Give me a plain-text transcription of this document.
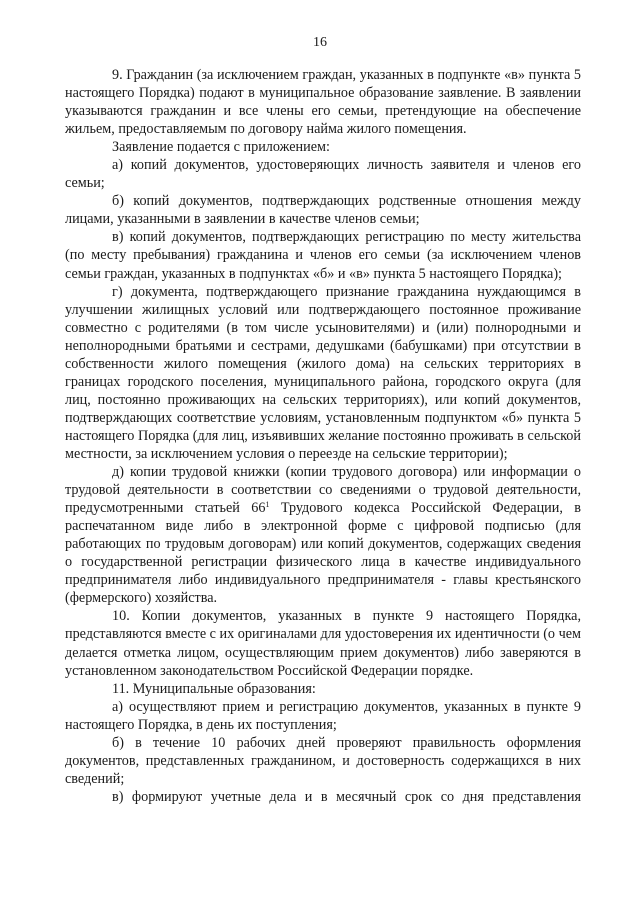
16

9. Гражданин (за исключением граждан, указанных в подпункте «в» пункта 5 настоящего Порядка) подают в муниципальное образование заявление. В заявлении указываются гражданин и все члены его семьи, претендующие на обеспечение жильем, предоставляемым по договору найма жилого помещения.

Заявление подается с приложением:

а) копий документов, удостоверяющих личность заявителя и членов его семьи;

б) копий документов, подтверждающих родственные отношения между лицами, указанными в заявлении в качестве членов семьи;

в) копий документов, подтверждающих регистрацию по месту жительства (по месту пребывания) гражданина и членов его семьи (за исключением членов семьи граждан, указанных в подпунктах «б» и «в» пункта 5 настоящего Порядка);

г) документа, подтверждающего признание гражданина нуждающимся в улучшении жилищных условий или подтверждающего постоянное проживание совместно с родителями (в том числе усыновителями) и (или) полнородными и неполнородными братьями и сестрами, дедушками (бабушками) при отсутствии в собственности жилого помещения (жилого дома) на сельских территориях в границах городского поселения, муниципального района, городского округа (для лиц, постоянно проживающих на сельских территориях), или копий документов, подтверждающих соответствие условиям, установленным подпунктом «б» пункта 5 настоящего Порядка (для лиц, изъявивших желание постоянно проживать в сельской местности, за исключением условия о переезде на сельские территории);

д) копии трудовой книжки (копии трудового договора) или информации о трудовой деятельности в соответствии со сведениями о трудовой деятельности, предусмотренными статьей $66^1$ Трудового кодекса Российской Федерации, в распечатанном виде либо в электронной форме с цифровой подписью (для работающих по трудовым договорам) или копий документов, содержащих сведения о государственной регистрации физического лица в качестве индивидуального предпринимателя либо индивидуального предпринимателя - главы крестьянского (фермерского) хозяйства.

10. Копии документов, указанных в пункте 9 настоящего Порядка, представляются вместе с их оригиналами для удостоверения их идентичности (о чем делается отметка лицом, осуществляющим прием документов) либо заверяются в установленном законодательством Российской Федерации порядке.

11. Муниципальные образования:

а) осуществляют прием и регистрацию документов, указанных в пункте 9 настоящего Порядка, в день их поступления;

б) в течение 10 рабочих дней проверяют правильность оформления документов, представленных гражданином, и достоверность содержащихся в них сведений;

в) формируют учетные дела и в месячный срок со дня представления
